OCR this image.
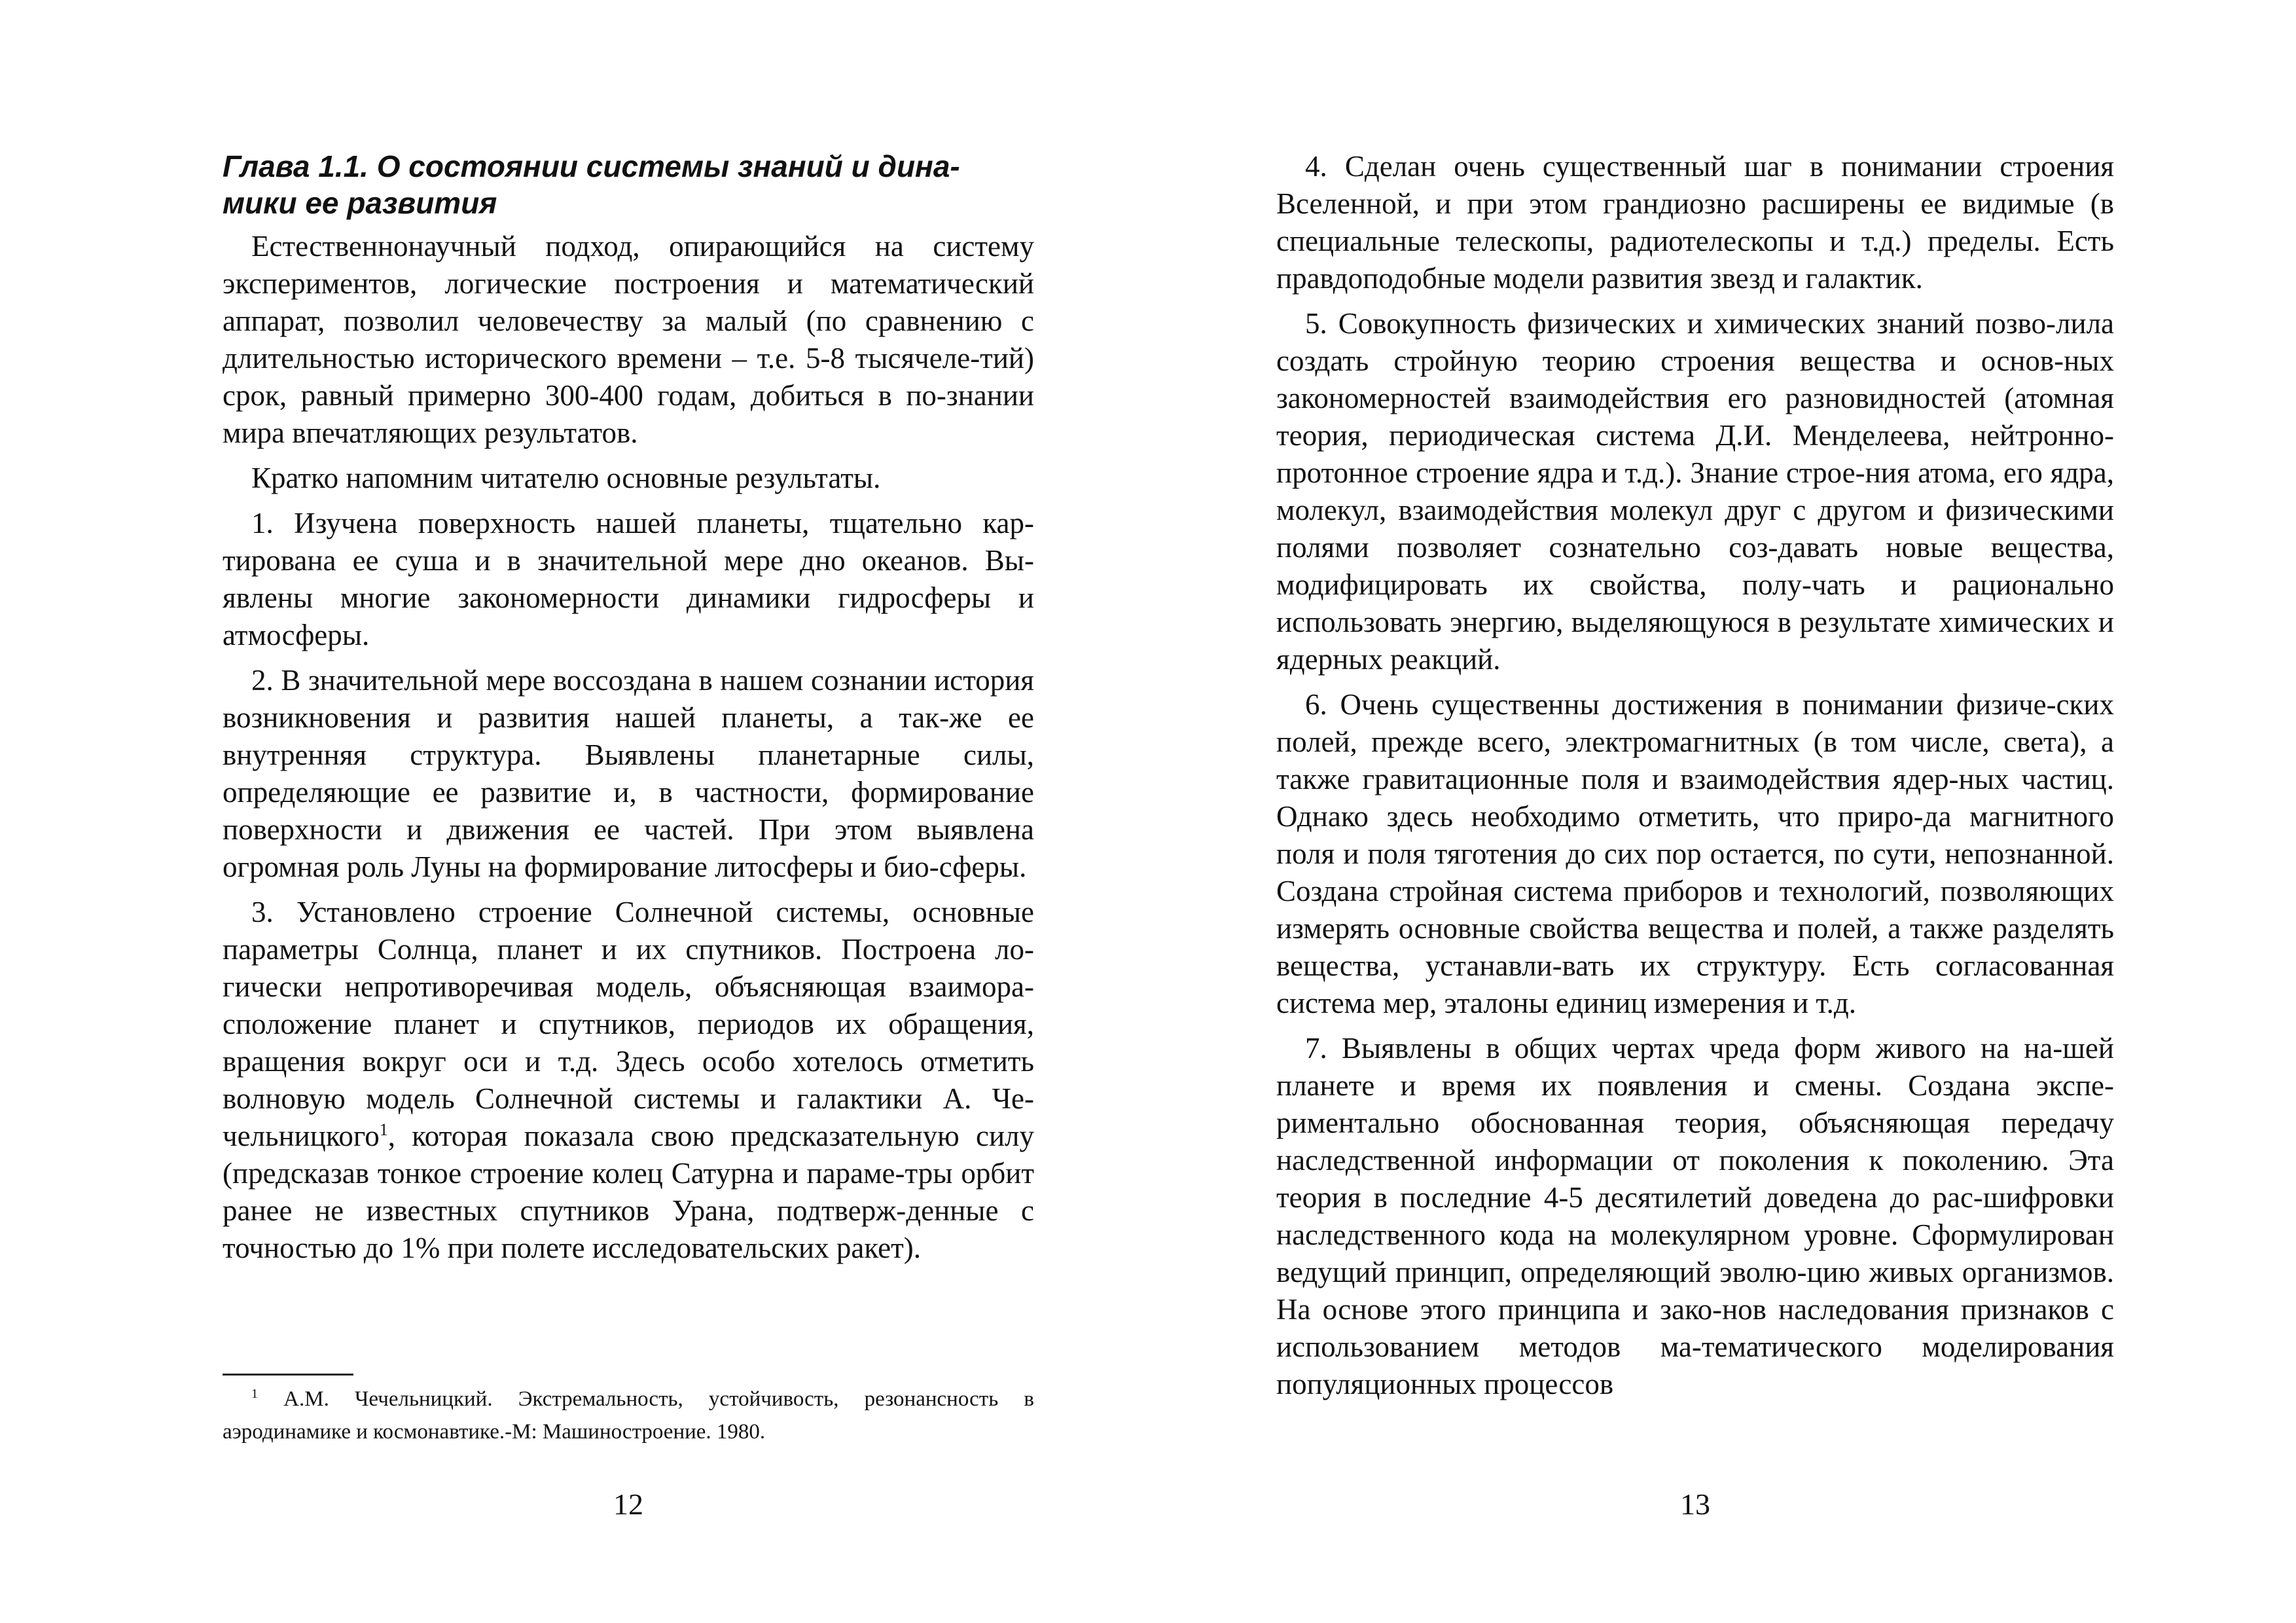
Глава 1.1. О состоянии системы знаний и дина-
мики ее развития

Естественнонаучный подход, опирающийся на систему экспериментов, логические построения и математический аппарат, позволил человечеству за малый (по сравнению с длительностью исторического времени – т.е. 5-8 тысячеле-тий) срок, равный примерно 300-400 годам, добиться в по-знании мира впечатляющих результатов.

Кратко напомним читателю основные результаты.

1. Изучена поверхность нашей планеты, тщательно кар-тирована ее суша и в значительной мере дно океанов. Вы-явлены многие закономерности динамики гидросферы и атмосферы.

2. В значительной мере воссоздана в нашем сознании история возникновения и развития нашей планеты, а так-же ее внутренняя структура. Выявлены планетарные силы, определяющие ее развитие и, в частности, формирование поверхности и движения ее частей. При этом выявлена огромная роль Луны на формирование литосферы и био-сферы.

3. Установлено строение Солнечной системы, основные параметры Солнца, планет и их спутников. Построена ло-гически непротиворечивая модель, объясняющая взаимора-сположение планет и спутников, периодов их обращения, вращения вокруг оси и т.д. Здесь особо хотелось отметить волновую модель Солнечной системы и галактики А. Че-чельницкого$^1$, которая показала свою предсказательную силу (предсказав тонкое строение колец Сатурна и параме-тры орбит ранее не известных спутников Урана, подтверж-денные с точностью до 1% при полете исследовательских ракет).

$^1$ А.М. Чечельницкий. Экстремальность, устойчивость, резонансность в аэродинамике и космонавтике.-М: Машиностроение. 1980.

12

4. Сделан очень существенный шаг в понимании строения Вселенной, и при этом грандиозно расширены ее видимые (в специальные телескопы, радиотелескопы и т.д.) пределы. Есть правдоподобные модели развития звезд и галактик.

5. Совокупность физических и химических знаний позво-лила создать стройную теорию строения вещества и основ-ных закономерностей взаимодействия его разновидностей (атомная теория, периодическая система Д.И. Менделеева, нейтронно-протонное строение ядра и т.д.). Знание строе-ния атома, его ядра, молекул, взаимодействия молекул друг с другом и физическими полями позволяет сознательно соз-давать новые вещества, модифицировать их свойства, полу-чать и рационально использовать энергию, выделяющуюся в результате химических и ядерных реакций.

6. Очень существенны достижения в понимании физиче-ских полей, прежде всего, электромагнитных (в том числе, света), а также гравитационные поля и взаимодействия ядер-ных частиц. Однако здесь необходимо отметить, что приро-да магнитного поля и поля тяготения до сих пор остается, по сути, непознанной. Создана стройная система приборов и технологий, позволяющих измерять основные свойства вещества и полей, а также разделять вещества, устанавли-вать их структуру. Есть согласованная система мер, эталоны единиц измерения и т.д.

7. Выявлены в общих чертах чреда форм живого на на-шей планете и время их появления и смены. Создана экспе-риментально обоснованная теория, объясняющая передачу наследственной информации от поколения к поколению. Эта теория в последние 4-5 десятилетий доведена до рас-шифровки наследственного кода на молекулярном уровне. Сформулирован ведущий принцип, определяющий эволю-цию живых организмов. На основе этого принципа и зако-нов наследования признаков с использованием методов ма-тематического моделирования популяционных процессов

13
